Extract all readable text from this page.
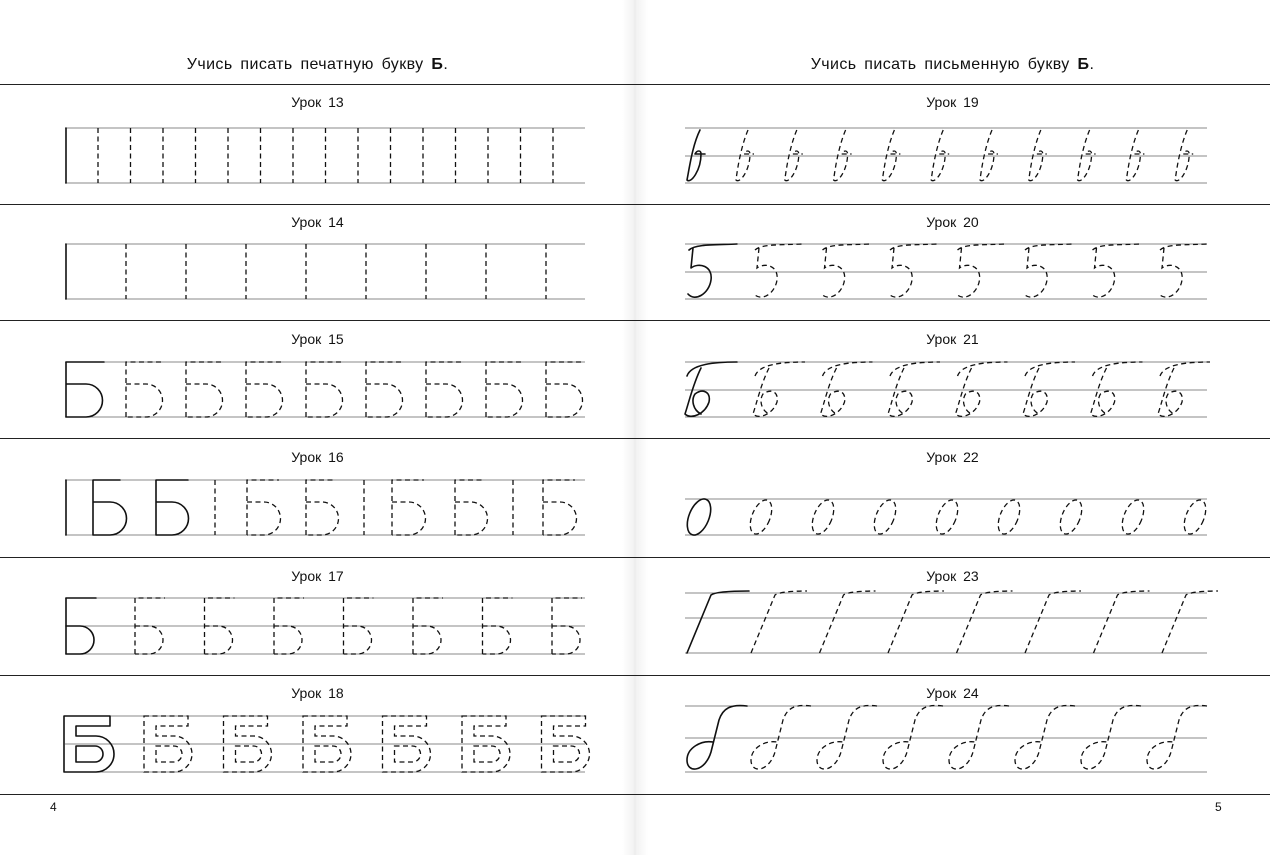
Учись писать печатную букву Б.
Урок 13
Урок 14
Урок 15
Урок 16
Урок 17
Урок 18
4
Учись писать письменную букву Б.
Урок 19
Урок 20
Урок 21
Урок 22
Урок 23
Урок 24
5
